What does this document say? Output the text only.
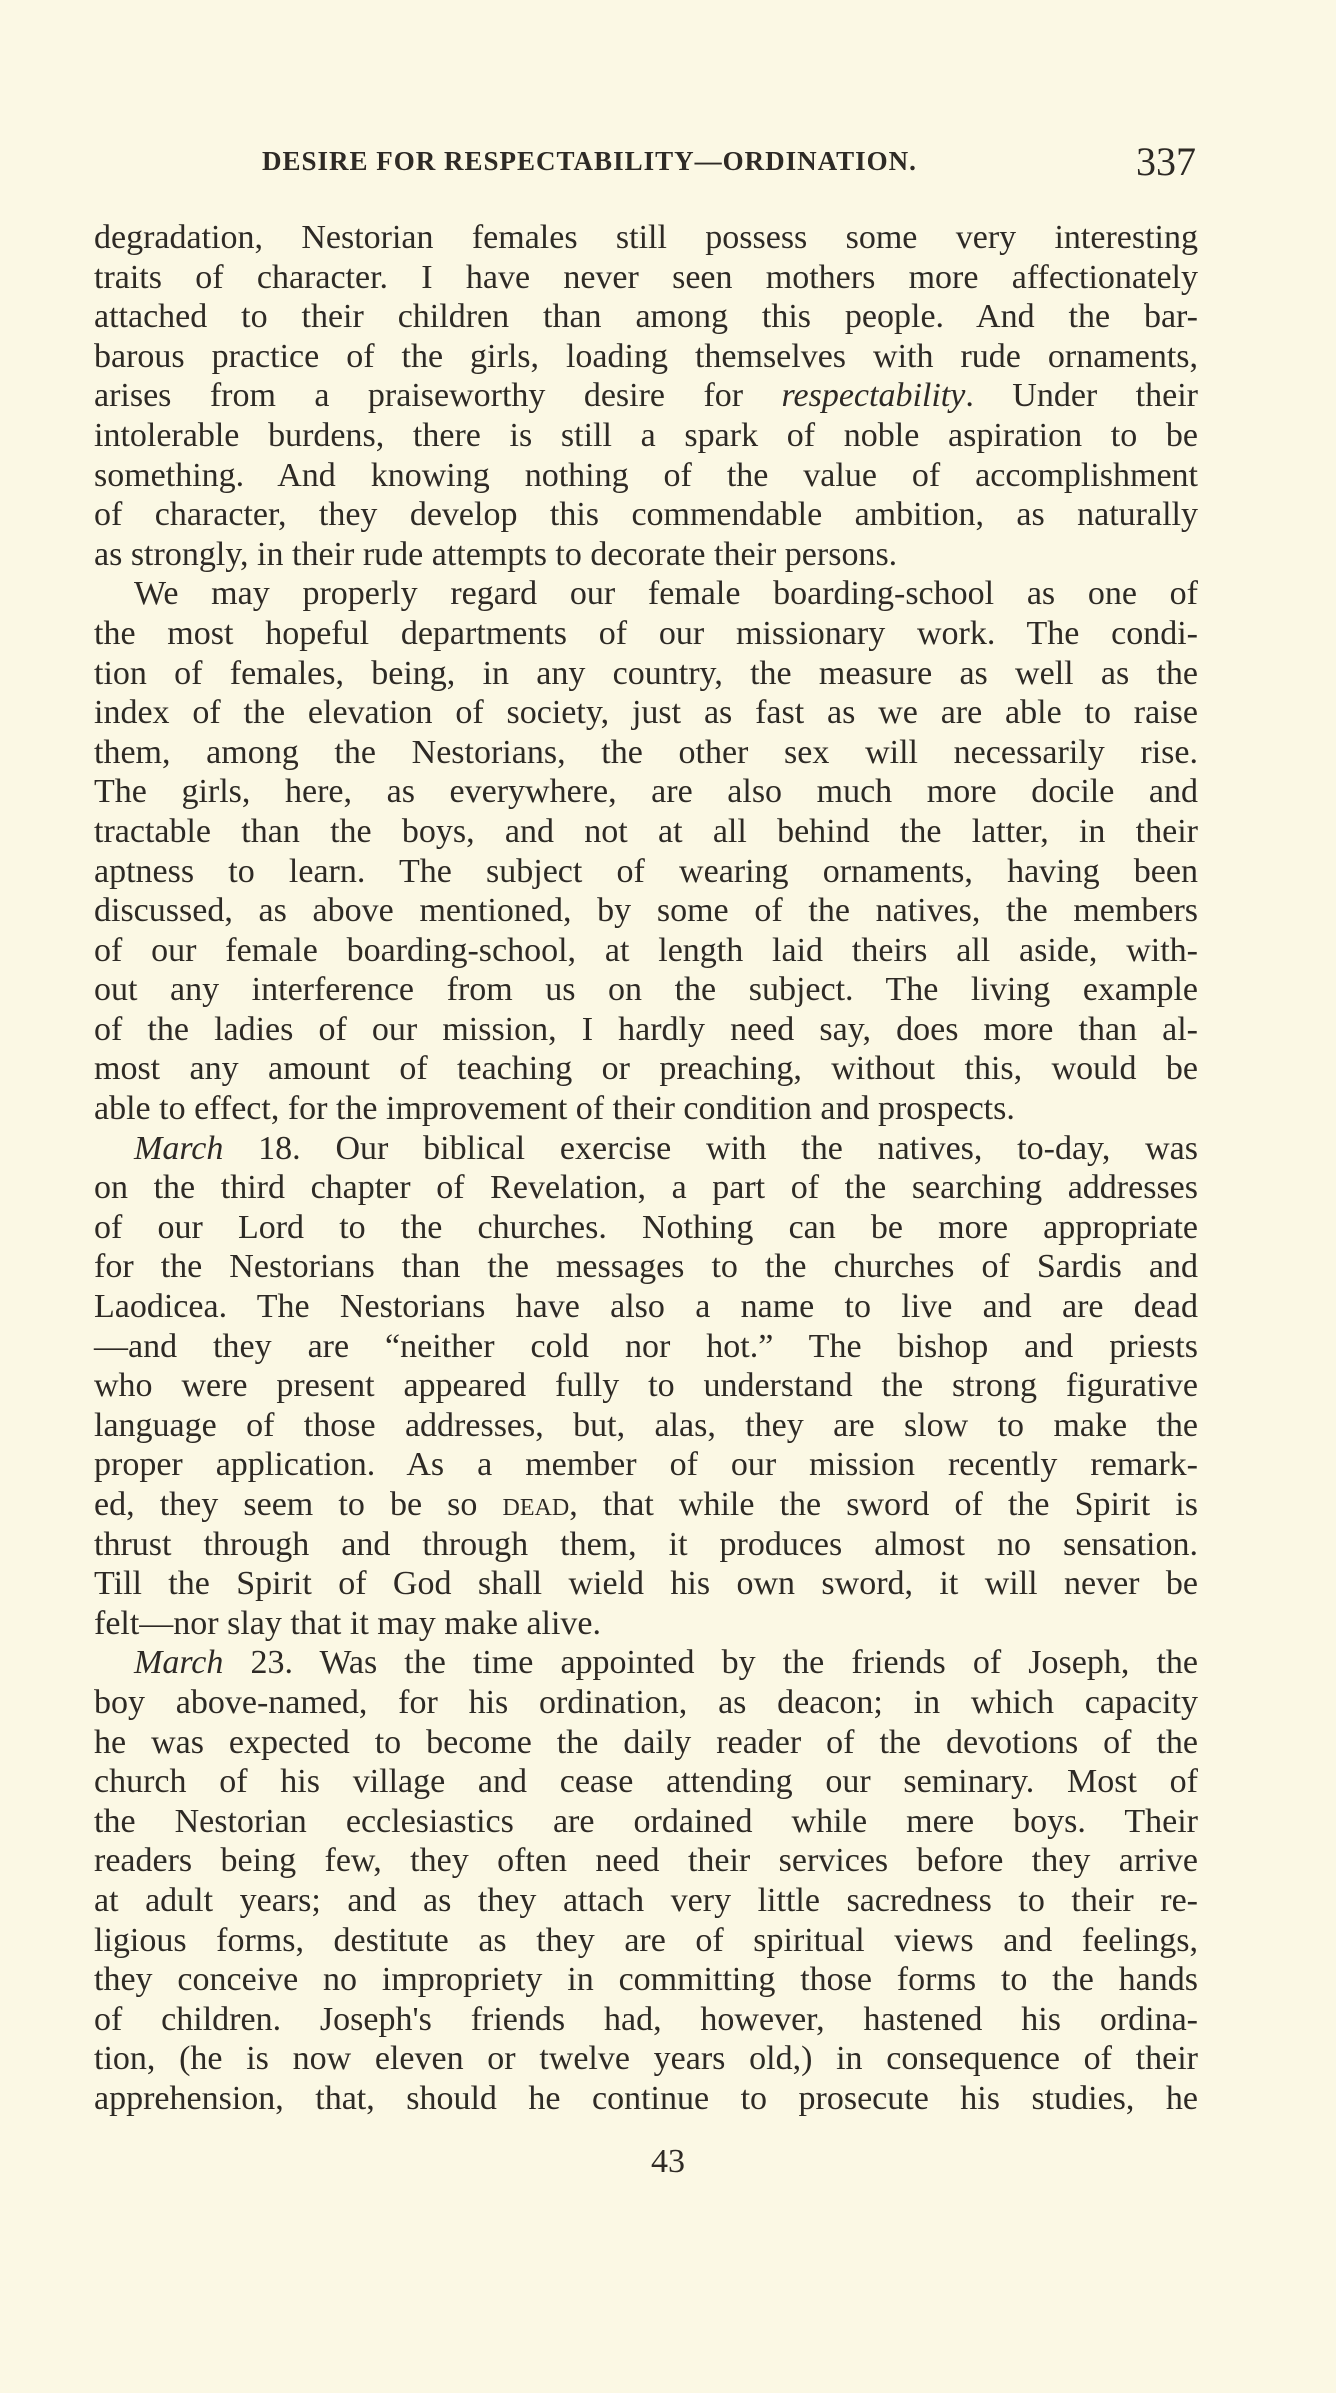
DESIRE FOR RESPECTABILITY—ORDINATION.	337
degradation, Nestorian females still possess some very interesting
traits of character. I have never seen mothers more affectionately
attached to their children than among this people. And the bar-
barous practice of the girls, loading themselves with rude ornaments,
arises from a praiseworthy desire for respectability. Under their
intolerable burdens, there is still a spark of noble aspiration to be
something. And knowing nothing of the value of accomplishment
of character, they develop this commendable ambition, as naturally
as strongly, in their rude attempts to decorate their persons.
We may properly regard our female boarding-school as one of
the most hopeful departments of our missionary work. The condi-
tion of females, being, in any country, the measure as well as the
index of the elevation of society, just as fast as we are able to raise
them, among the Nestorians, the other sex will necessarily rise.
The girls, here, as everywhere, are also much more docile and
tractable than the boys, and not at all behind the latter, in their
aptness to learn. The subject of wearing ornaments, having been
discussed, as above mentioned, by some of the natives, the members
of our female boarding-school, at length laid theirs all aside, with-
out any interference from us on the subject. The living example
of the ladies of our mission, I hardly need say, does more than al-
most any amount of teaching or preaching, without this, would be
able to effect, for the improvement of their condition and prospects.
March 18. Our biblical exercise with the natives, to-day, was
on the third chapter of Revelation, a part of the searching addresses
of our Lord to the churches. Nothing can be more appropriate
for the Nestorians than the messages to the churches of Sardis and
Laodicea. The Nestorians have also a name to live and are dead
—and they are “neither cold nor hot.” The bishop and priests
who were present appeared fully to understand the strong figurative
language of those addresses, but, alas, they are slow to make the
proper application. As a member of our mission recently remark-
ed, they seem to be so dead, that while the sword of the Spirit is
thrust through and through them, it produces almost no sensation.
Till the Spirit of God shall wield his own sword, it will never be
felt—nor slay that it may make alive.
March 23. Was the time appointed by the friends of Joseph, the
boy above-named, for his ordination, as deacon; in which capacity
he was expected to become the daily reader of the devotions of the
church of his village and cease attending our seminary. Most of
the Nestorian ecclesiastics are ordained while mere boys. Their
readers being few, they often need their services before they arrive
at adult years; and as they attach very little sacredness to their re-
ligious forms, destitute as they are of spiritual views and feelings,
they conceive no impropriety in committing those forms to the hands
of children. Joseph's friends had, however, hastened his ordina-
tion, (he is now eleven or twelve years old,) in consequence of their
apprehension, that, should he continue to prosecute his studies, he
43
